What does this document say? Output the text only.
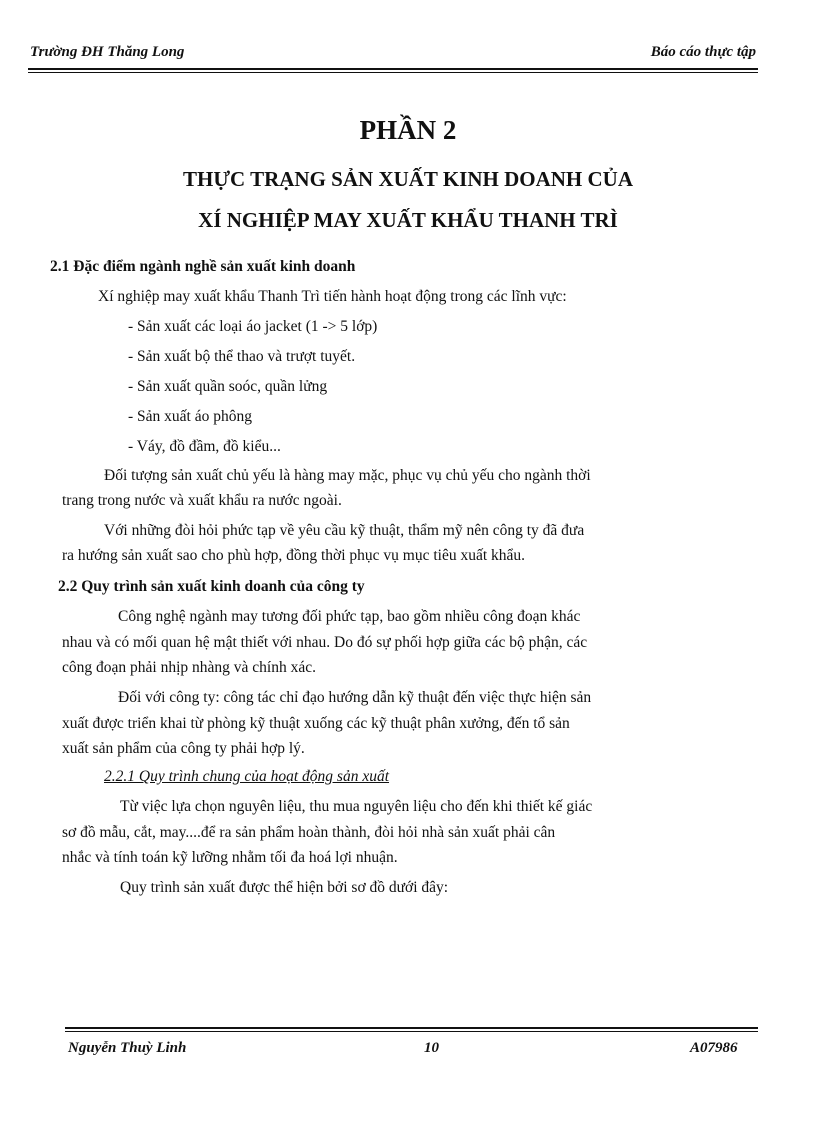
Trường ĐH Thăng Long	Báo cáo thực tập
PHẦN 2
THỰC TRẠNG SẢN XUẤT KINH DOANH CỦA
XÍ NGHIỆP MAY XUẤT KHẨU THANH TRÌ
2.1 Đặc điểm ngành nghề sản xuất kinh doanh
Xí nghiệp may xuất khẩu Thanh Trì tiến hành hoạt động trong các lĩnh vực:
- Sản xuất các loại áo jacket (1 -> 5 lớp)
- Sản xuất bộ thể thao và trượt tuyết.
- Sản xuất quần soóc, quần lửng
- Sản xuất áo phông
- Váy, đồ đầm, đồ kiểu...
Đối tượng sản xuất chủ yếu là hàng may mặc, phục vụ chủ yếu cho ngành thời
trang trong nước và xuất khẩu ra nước ngoài.
Với những đòi hỏi phức tạp về yêu cầu kỹ thuật, thẩm mỹ nên công ty đã đưa
ra hướng sản xuất sao cho phù hợp, đồng thời phục vụ mục tiêu xuất khẩu.
2.2 Quy trình sản xuất kinh doanh của công ty
Công nghệ ngành may tương đối phức tạp, bao gồm nhiều công đoạn khác
nhau và có mối quan hệ mật thiết với nhau. Do đó sự phối hợp giữa các bộ phận, các
công đoạn phải nhịp nhàng và chính xác.
Đối với công ty: công tác chỉ đạo hướng dẫn kỹ thuật đến việc thực hiện sản
xuất được triển khai từ phòng kỹ thuật xuống các kỹ thuật phân xưởng, đến tổ sản
xuất sản phẩm của công ty phải hợp lý.
2.2.1 Quy trình chung của hoạt động sản xuất
Từ việc lựa chọn nguyên liệu, thu mua nguyên liệu cho đến khi thiết kế giác
sơ đồ mẫu, cắt, may....để ra sản phẩm hoàn thành, đòi hỏi nhà sản xuất phải cân
nhắc và tính toán kỹ lưỡng nhằm tối đa hoá lợi nhuận.
Quy trình sản xuất được thể hiện bởi sơ đồ dưới đây:
Nguyễn Thuỳ Linh	10	A07986
